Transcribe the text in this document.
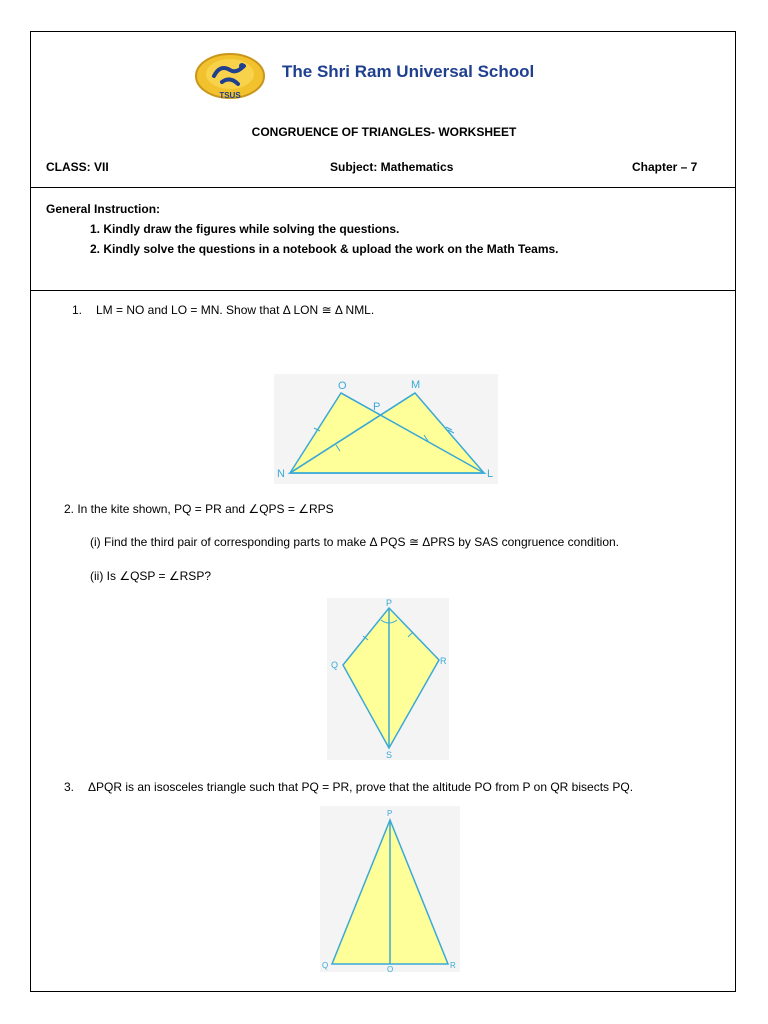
TSUS
The Shri Ram Universal School
CONGRUENCE OF TRIANGLES- WORKSHEET
CLASS: VII	Subject: Mathematics	Chapter – 7
General Instruction:
1. Kindly draw the figures while solving the questions.
2. Kindly solve the questions in a notebook & upload the work on the Math Teams.
1. LM = NO and LO = MN. Show that Δ LON ≅ Δ NML.
O	M
P
N	L
2. In the kite shown, PQ = PR and ∠QPS = ∠RPS
(i) Find the third pair of corresponding parts to make Δ PQS ≅ ΔPRS by SAS congruence condition.
(ii) Is ∠QSP = ∠RSP?
P
Q	R
S
3. ΔPQR is an isosceles triangle such that PQ = PR, prove that the altitude PO from P on QR bisects PQ.
P
Q	O	R
